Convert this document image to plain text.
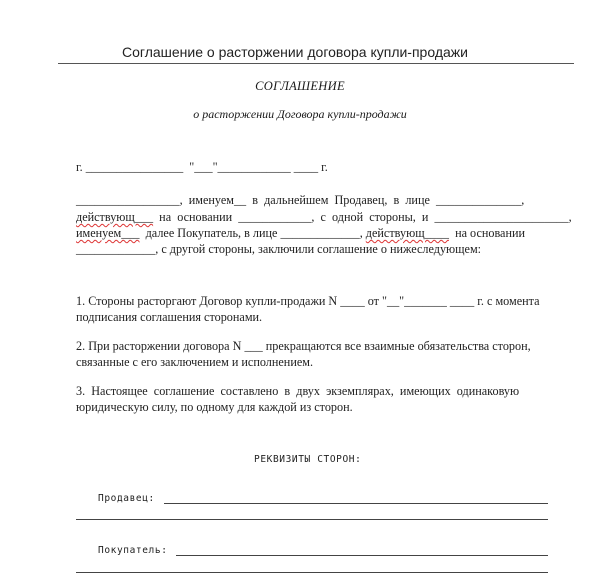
Соглашение о расторжении договора купли-продажи
СОГЛАШЕНИЕ
о расторжении Договора купли-продажи
г. ________________  "___"____________ ____ г.
_________________,  именуем__  в  дальнейшем  Продавец,  в  лице  ______________,
действующ___  на  основании  ____________,  с  одной  стороны,  и  ______________________,
именуем___  далее Покупатель, в лице _____________, действующ____  на основании
_____________, с другой стороны, заключили соглашение о нижеследующем:
1. Стороны расторгают Договор купли-продажи N ____ от "__"_______ ____ г. с момента
подписания соглашения сторонами.
2. При расторжении договора N ___ прекращаются все взаимные обязательства сторон,
связанные с его заключением и исполнением.
3.  Настоящее  соглашение  составлено  в  двух  экземплярах,  имеющих  одинаковую
юридическую силу, по одному для каждой из сторон.
РЕКВИЗИТЫ СТОРОН:
Продавец:
Покупатель:
